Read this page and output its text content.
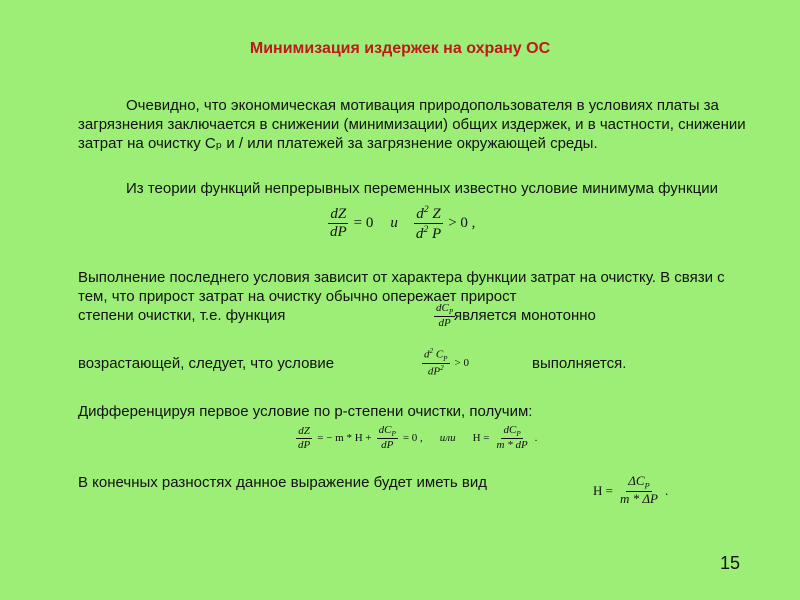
Минимизация издержек на охрану ОС
Очевидно, что экономическая мотивация природопользователя в условиях платы за загрязнения заключается в снижении (минимизации) общих издержек, и в частности, снижении затрат на очистку Сₚ и / или платежей за загрязнение окружающей среды.
Из теории функций непрерывных переменных известно условие минимума функции
$\frac{dZ}{dP} = 0$ и $\frac{d^2 Z}{d^2 P} > 0$ ,
Выполнение последнего условия зависит от характера функции затрат на очистку. В связи с тем, что прирост затрат на очистку обычно опережает прирост
степени очистки, т.е. функция	$\frac{dC_P}{dP}$
является монотонно
возрастающей, следует, что условие	$\frac{d^2 C_P}{dP^2} > 0$	выполняется.
Дифференцируя первое условие по р-степени очистки, получим:
$\frac{dZ}{dP}$ = − $m * H + \frac{dC_P}{dP} = 0$ , или $H = \frac{dC_P}{m * dP}$ .
В конечных разностях данное выражение будет иметь вид	$H = \frac{\Delta C_P}{m * \Delta P}$ .
15
